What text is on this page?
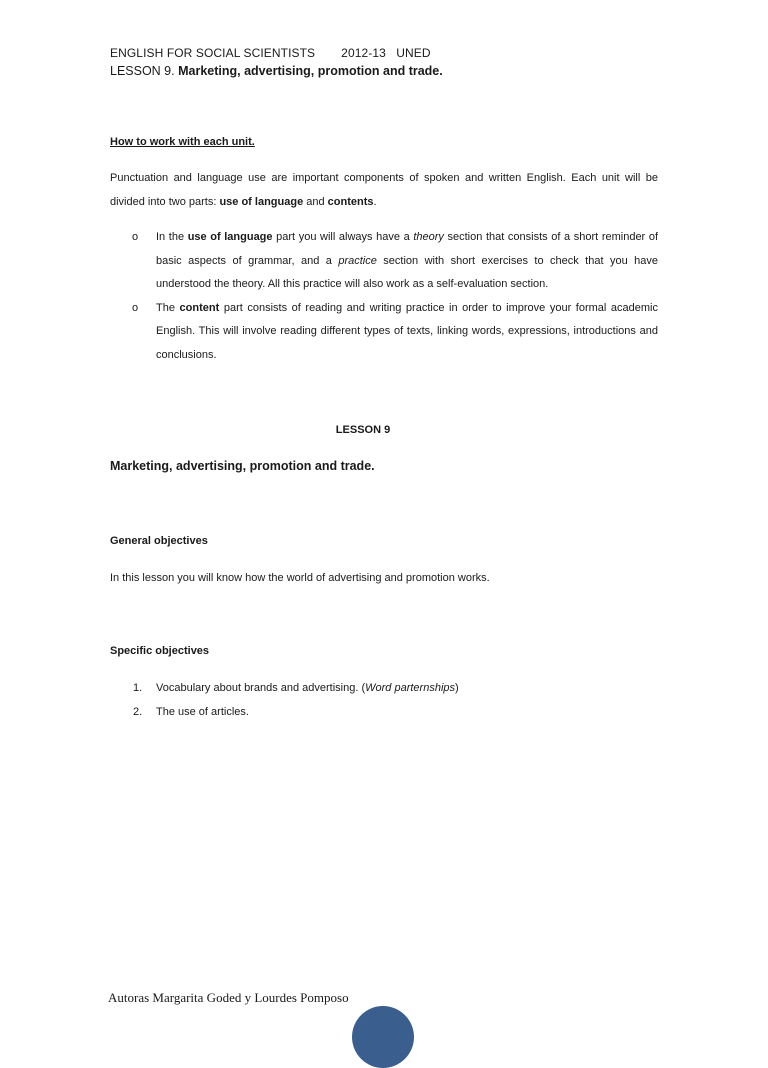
ENGLISH FOR SOCIAL SCIENTISTS 2012-13 UNED
LESSON 9. Marketing, advertising, promotion and trade.
How to work with each unit.
Punctuation and language use are important components of spoken and written English. Each unit will be divided into two parts: use of language and contents.
o In the use of language part you will always have a theory section that consists of a short reminder of basic aspects of grammar, and a practice section with short exercises to check that you have understood the theory. All this practice will also work as a self-evaluation section.
o The content part consists of reading and writing practice in order to improve your formal academic English. This will involve reading different types of texts, linking words, expressions, introductions and conclusions.
LESSON 9
Marketing, advertising, promotion and trade.
General objectives
In this lesson you will know how the world of advertising and promotion works.
Specific objectives
1. Vocabulary about brands and advertising. (Word parternships)
2. The use of articles.
Autoras Margarita Goded y Lourdes Pomposo
